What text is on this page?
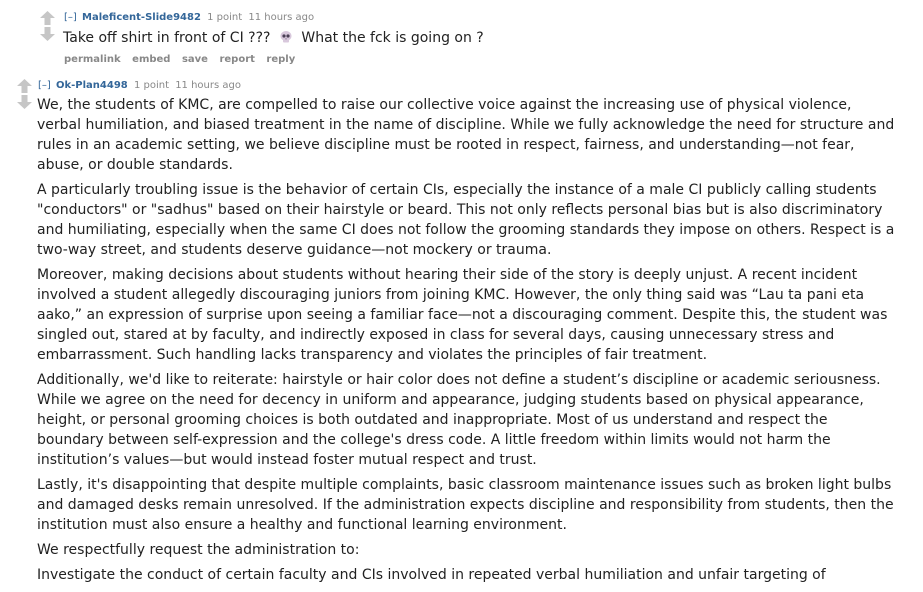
[–] Maleficent-Slide9482 1 point 11 hours ago
Take off shirt in front of CI ??? What the fck is going on ?
permalink embed save report reply
[–] Ok-Plan4498 1 point 11 hours ago

We, the students of KMC, are compelled to raise our collective voice against the increasing use of physical violence, verbal humiliation, and biased treatment in the name of discipline. While we fully acknowledge the need for structure and rules in an academic setting, we believe discipline must be rooted in respect, fairness, and understanding—not fear, abuse, or double standards.

A particularly troubling issue is the behavior of certain CIs, especially the instance of a male CI publicly calling students "conductors" or "sadhus" based on their hairstyle or beard. This not only reflects personal bias but is also discriminatory and humiliating, especially when the same CI does not follow the grooming standards they impose on others. Respect is a two-way street, and students deserve guidance—not mockery or trauma.

Moreover, making decisions about students without hearing their side of the story is deeply unjust. A recent incident involved a student allegedly discouraging juniors from joining KMC. However, the only thing said was “Lau ta pani eta aako,” an expression of surprise upon seeing a familiar face—not a discouraging comment. Despite this, the student was singled out, stared at by faculty, and indirectly exposed in class for several days, causing unnecessary stress and embarrassment. Such handling lacks transparency and violates the principles of fair treatment.

Additionally, we'd like to reiterate: hairstyle or hair color does not define a student’s discipline or academic seriousness. While we agree on the need for decency in uniform and appearance, judging students based on physical appearance, height, or personal grooming choices is both outdated and inappropriate. Most of us understand and respect the boundary between self-expression and the college's dress code. A little freedom within limits would not harm the institution’s values—but would instead foster mutual respect and trust.

Lastly, it's disappointing that despite multiple complaints, basic classroom maintenance issues such as broken light bulbs and damaged desks remain unresolved. If the administration expects discipline and responsibility from students, then the institution must also ensure a healthy and functional learning environment.

We respectfully request the administration to:

Investigate the conduct of certain faculty and CIs involved in repeated verbal humiliation and unfair targeting of
